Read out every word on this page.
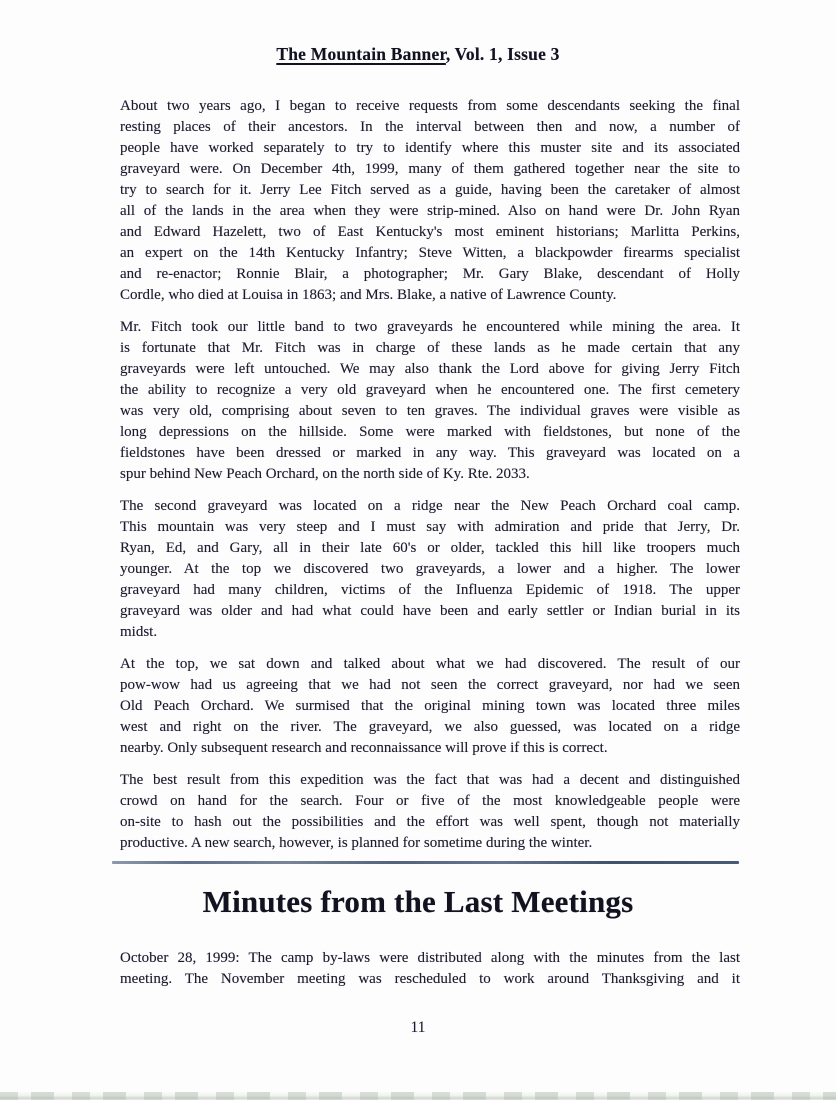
The Mountain Banner, Vol. 1, Issue 3

About two years ago, I began to receive requests from some descendants seeking the final
resting places of their ancestors. In the interval between then and now, a number of
people have worked separately to try to identify where this muster site and its associated
graveyard were. On December 4th, 1999, many of them gathered together near the site to
try to search for it. Jerry Lee Fitch served as a guide, having been the caretaker of almost
all of the lands in the area when they were strip-mined. Also on hand were Dr. John Ryan
and Edward Hazelett, two of East Kentucky's most eminent historians; Marlitta Perkins,
an expert on the 14th Kentucky Infantry; Steve Witten, a blackpowder firearms specialist
and re-enactor; Ronnie Blair, a photographer; Mr. Gary Blake, descendant of Holly
Cordle, who died at Louisa in 1863; and Mrs. Blake, a native of Lawrence County.

Mr. Fitch took our little band to two graveyards he encountered while mining the area. It
is fortunate that Mr. Fitch was in charge of these lands as he made certain that any
graveyards were left untouched. We may also thank the Lord above for giving Jerry Fitch
the ability to recognize a very old graveyard when he encountered one. The first cemetery
was very old, comprising about seven to ten graves. The individual graves were visible as
long depressions on the hillside. Some were marked with fieldstones, but none of the
fieldstones have been dressed or marked in any way. This graveyard was located on a
spur behind New Peach Orchard, on the north side of Ky. Rte. 2033.

The second graveyard was located on a ridge near the New Peach Orchard coal camp.
This mountain was very steep and I must say with admiration and pride that Jerry, Dr.
Ryan, Ed, and Gary, all in their late 60's or older, tackled this hill like troopers much
younger. At the top we discovered two graveyards, a lower and a higher. The lower
graveyard had many children, victims of the Influenza Epidemic of 1918. The upper
graveyard was older and had what could have been and early settler or Indian burial in its
midst.

At the top, we sat down and talked about what we had discovered. The result of our
pow-wow had us agreeing that we had not seen the correct graveyard, nor had we seen
Old Peach Orchard. We surmised that the original mining town was located three miles
west and right on the river. The graveyard, we also guessed, was located on a ridge
nearby. Only subsequent research and reconnaissance will prove if this is correct.

The best result from this expedition was the fact that was had a decent and distinguished
crowd on hand for the search. Four or five of the most knowledgeable people were
on-site to hash out the possibilities and the effort was well spent, though not materially
productive. A new search, however, is planned for sometime during the winter.

Minutes from the Last Meetings

October 28, 1999: The camp by-laws were distributed along with the minutes from the last
meeting. The November meeting was rescheduled to work around Thanksgiving and it

11
